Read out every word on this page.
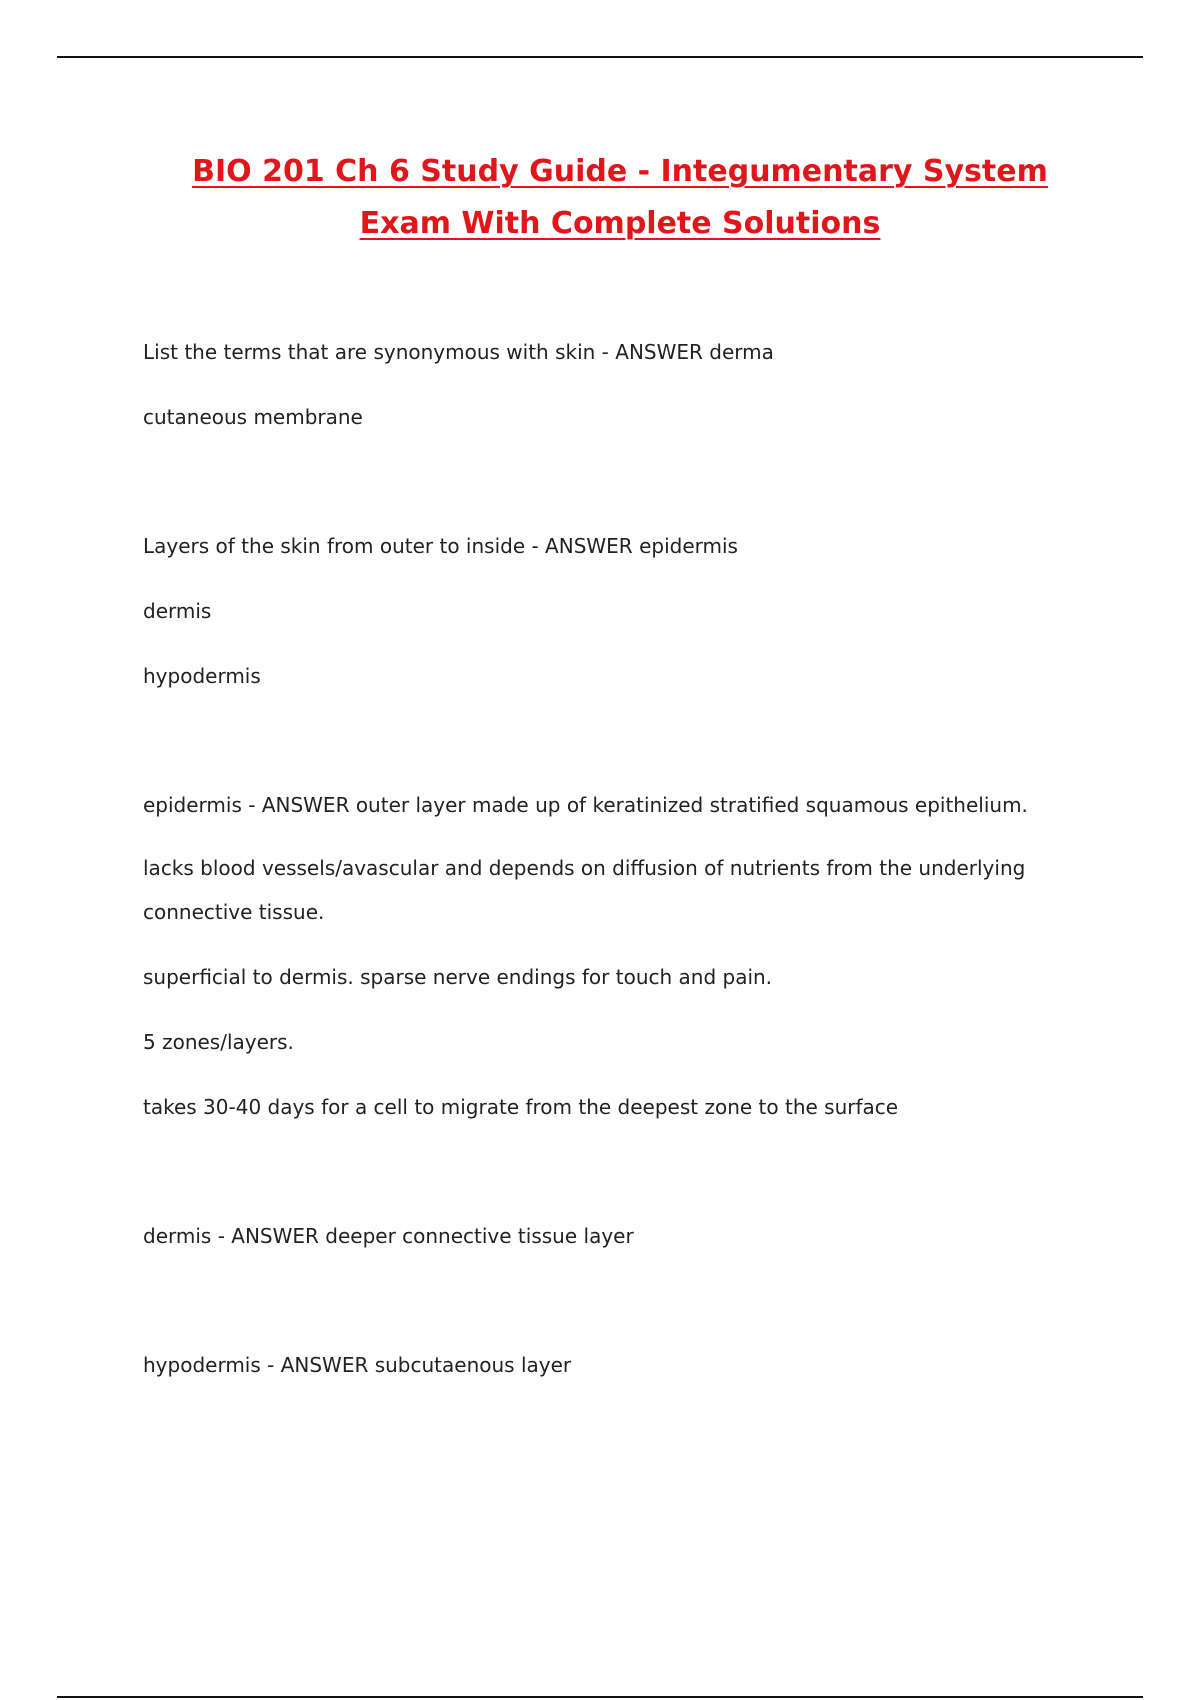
BIO 201 Ch 6 Study Guide - Integumentary System
Exam With Complete Solutions
List the terms that are synonymous with skin - ANSWER derma
cutaneous membrane
Layers of the skin from outer to inside - ANSWER epidermis
dermis
hypodermis
epidermis - ANSWER outer layer made up of keratinized stratified squamous epithelium.
lacks blood vessels/avascular and depends on diffusion of nutrients from the underlying
connective tissue.
superficial to dermis. sparse nerve endings for touch and pain.
5 zones/layers.
takes 30-40 days for a cell to migrate from the deepest zone to the surface
dermis - ANSWER deeper connective tissue layer
hypodermis - ANSWER subcutaenous layer
